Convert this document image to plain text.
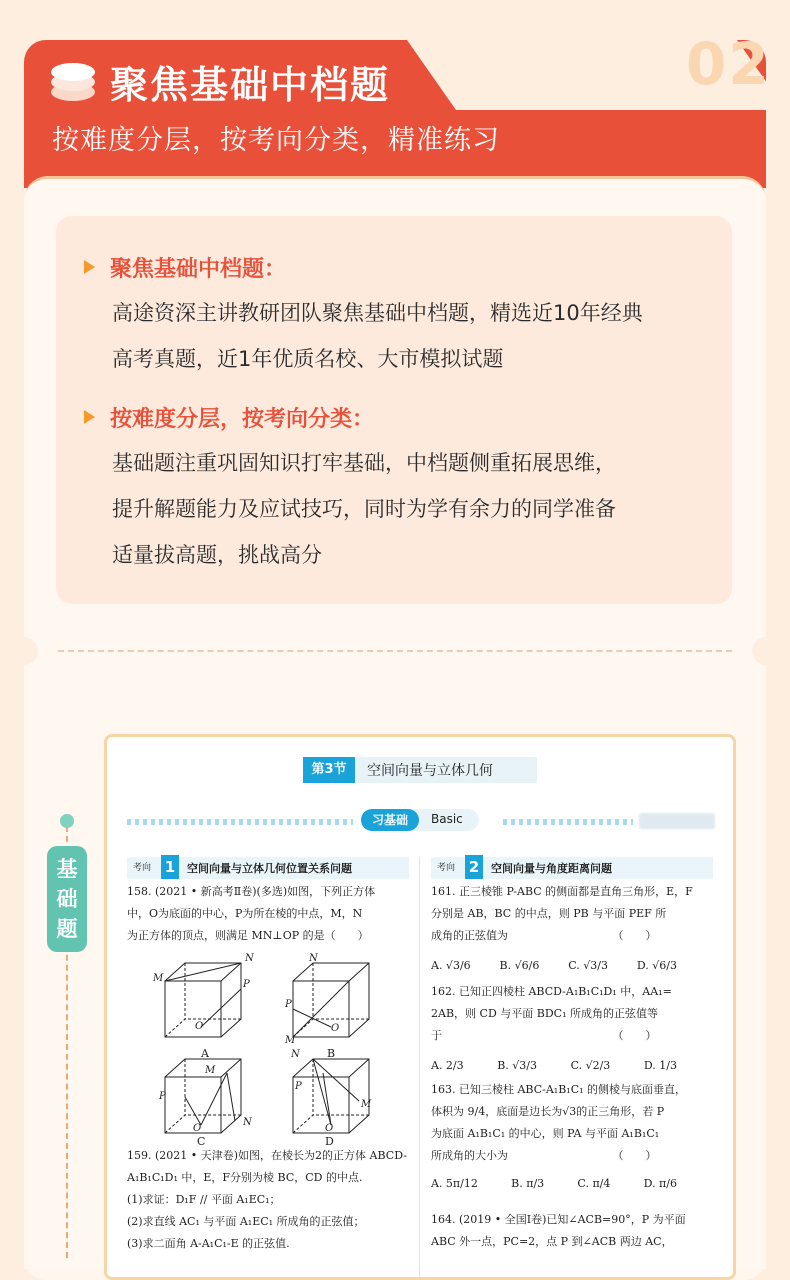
02
聚焦基础中档题
按难度分层，按考向分类，精准练习
聚焦基础中档题：
高途资深主讲教研团队聚焦基础中档题，精选近10年经典
高考真题，近1年优质名校、大市模拟试题
按难度分层，按考向分类：
基础题注重巩固知识打牢基础，中档题侧重拓展思维，
提升解题能力及应试技巧，同时为学有余力的同学准备
适量拔高题，挑战高分
基础题
第3节	空间向量与立体几何
习基础	Basic
考向 1	空间向量与立体几何位置关系问题
158. (2021 • 新高考Ⅱ卷)(多选)如图，下列正方体
中，O为底面的中心，P为所在棱的中点，M，N
为正方体的顶点，则满足 MN⊥OP 的是（　　）
M
N
P
O
P
N
O
M
M
P
O
N
N
P
O
M
A	B
C	D
159. (2021 • 天津卷)如图，在棱长为2的正方体 ABCD-
A₁B₁C₁D₁ 中，E，F分别为棱 BC，CD 的中点.
(1)求证：D₁F // 平面 A₁EC₁；
(2)求直线 AC₁ 与平面 A₁EC₁ 所成角的正弦值；
(3)求二面角 A-A₁C₁-E 的正弦值.
考向 2	空间向量与角度距离问题
161. 正三棱锥 P-ABC 的侧面都是直角三角形，E，F
分别是 AB，BC 的中点，则 PB 与平面 PEF 所
成角的正弦值为　　　　　　　　　　（　　）
A. √3/6	B. √6/6	C. √3/3	D. √6/3
162. 已知正四棱柱 ABCD-A₁B₁C₁D₁ 中，AA₁=
2AB，则 CD 与平面 BDC₁ 所成角的正弦值等
于　　　　　　　　　　　　　　　　（　　）
A. 2/3	B. √3/3	C. √2/3	D. 1/3
163. 已知三棱柱 ABC-A₁B₁C₁ 的侧棱与底面垂直，
体积为 9/4，底面是边长为√3的正三角形，若 P
为底面 A₁B₁C₁ 的中心，则 PA 与平面 A₁B₁C₁
所成角的大小为　　　　　　　　　　（　　）
A. 5π/12	B. π/3	C. π/4	D. π/6
164. (2019 • 全国Ⅰ卷)已知∠ACB=90°，P 为平面
ABC 外一点，PC=2，点 P 到∠ACB 两边 AC，
